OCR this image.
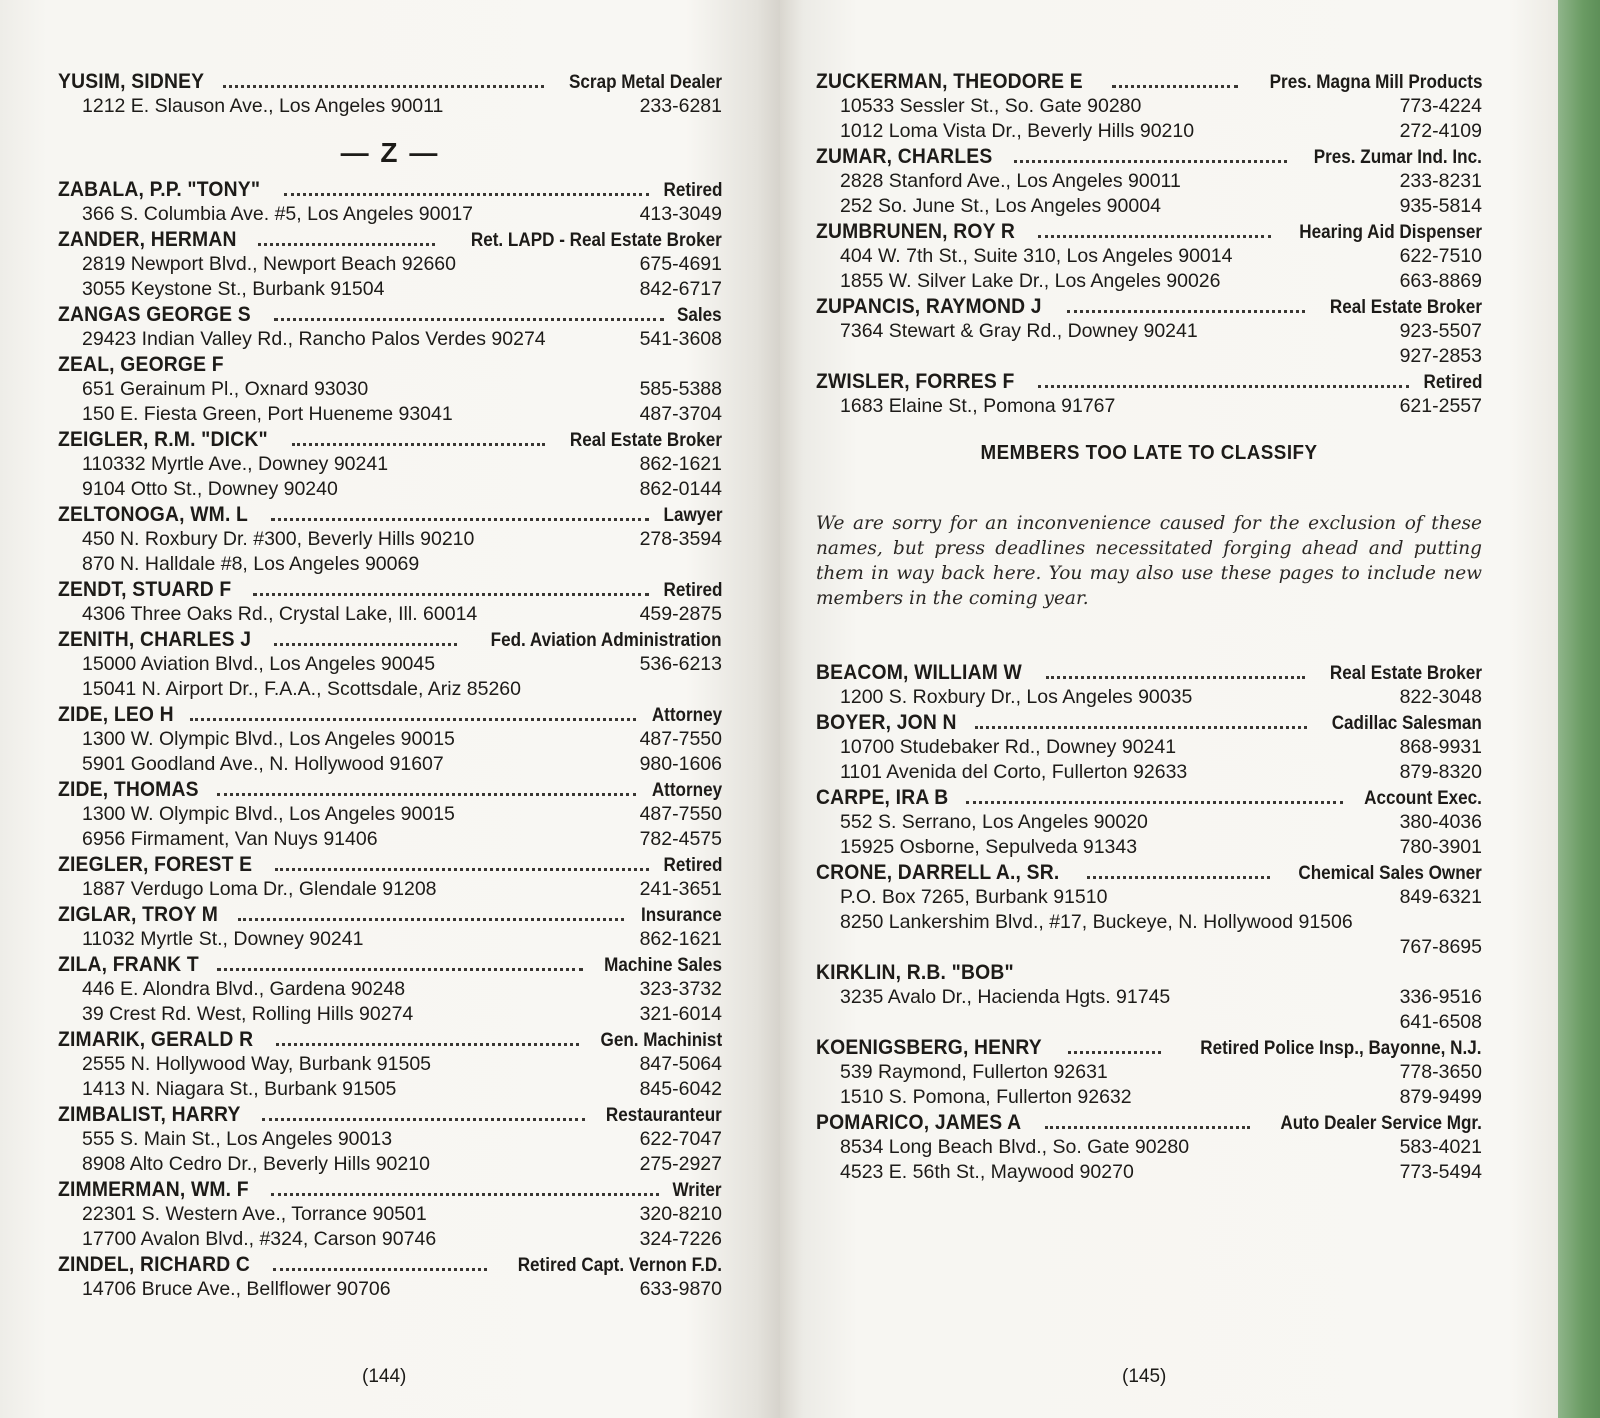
YUSIM, SIDNEY	Scrap Metal Dealer
1212 E. Slauson Ave., Los Angeles 90011	233-6281
— Z —
ZABALA, P.P. "TONY"	Retired
366 S. Columbia Ave. #5, Los Angeles 90017	413-3049
ZANDER, HERMAN	Ret. LAPD - Real Estate Broker
2819 Newport Blvd., Newport Beach 92660	675-4691
3055 Keystone St., Burbank 91504	842-6717
ZANGAS GEORGE S	Sales
29423 Indian Valley Rd., Rancho Palos Verdes 90274	541-3608
ZEAL, GEORGE F
651 Gerainum Pl., Oxnard 93030	585-5388
150 E. Fiesta Green, Port Hueneme 93041	487-3704
ZEIGLER, R.M. "DICK"	Real Estate Broker
110332 Myrtle Ave., Downey 90241	862-1621
9104 Otto St., Downey 90240	862-0144
ZELTONOGA, WM. L	Lawyer
450 N. Roxbury Dr. #300, Beverly Hills 90210	278-3594
870 N. Halldale #8, Los Angeles 90069
ZENDT, STUARD F	Retired
4306 Three Oaks Rd., Crystal Lake, Ill. 60014	459-2875
ZENITH, CHARLES J	Fed. Aviation Administration
15000 Aviation Blvd., Los Angeles 90045	536-6213
15041 N. Airport Dr., F.A.A., Scottsdale, Ariz 85260
ZIDE, LEO H	Attorney
1300 W. Olympic Blvd., Los Angeles 90015	487-7550
5901 Goodland Ave., N. Hollywood 91607	980-1606
ZIDE, THOMAS	Attorney
1300 W. Olympic Blvd., Los Angeles 90015	487-7550
6956 Firmament, Van Nuys 91406	782-4575
ZIEGLER, FOREST E	Retired
1887 Verdugo Loma Dr., Glendale 91208	241-3651
ZIGLAR, TROY M	Insurance
11032 Myrtle St., Downey 90241	862-1621
ZILA, FRANK T	Machine Sales
446 E. Alondra Blvd., Gardena 90248	323-3732
39 Crest Rd. West, Rolling Hills 90274	321-6014
ZIMARIK, GERALD R	Gen. Machinist
2555 N. Hollywood Way, Burbank 91505	847-5064
1413 N. Niagara St., Burbank 91505	845-6042
ZIMBALIST, HARRY	Restauranteur
555 S. Main St., Los Angeles 90013	622-7047
8908 Alto Cedro Dr., Beverly Hills 90210	275-2927
ZIMMERMAN, WM. F	Writer
22301 S. Western Ave., Torrance 90501	320-8210
17700 Avalon Blvd., #324, Carson 90746	324-7226
ZINDEL, RICHARD C	Retired Capt. Vernon F.D.
14706 Bruce Ave., Bellflower 90706	633-9870
(144)
ZUCKERMAN, THEODORE E	Pres. Magna Mill Products
10533 Sessler St., So. Gate 90280	773-4224
1012 Loma Vista Dr., Beverly Hills 90210	272-4109
ZUMAR, CHARLES	Pres. Zumar Ind. Inc.
2828 Stanford Ave., Los Angeles 90011	233-8231
252 So. June St., Los Angeles 90004	935-5814
ZUMBRUNEN, ROY R	Hearing Aid Dispenser
404 W. 7th St., Suite 310, Los Angeles 90014	622-7510
1855 W. Silver Lake Dr., Los Angeles 90026	663-8869
ZUPANCIS, RAYMOND J	Real Estate Broker
7364 Stewart & Gray Rd., Downey 90241	923-5507
927-2853
ZWISLER, FORRES F	Retired
1683 Elaine St., Pomona 91767	621-2557
MEMBERS TOO LATE TO CLASSIFY

We are sorry for an inconvenience caused for the exclusion of these names, but press deadlines necessitated forging ahead and putting them in way back here. You may also use these pages to include new members in the coming year.

BEACOM, WILLIAM W	Real Estate Broker
1200 S. Roxbury Dr., Los Angeles 90035	822-3048
BOYER, JON N	Cadillac Salesman
10700 Studebaker Rd., Downey 90241	868-9931
1101 Avenida del Corto, Fullerton 92633	879-8320
CARPE, IRA B	Account Exec.
552 S. Serrano, Los Angeles 90020	380-4036
15925 Osborne, Sepulveda 91343	780-3901
CRONE, DARRELL A., SR.	Chemical Sales Owner
P.O. Box 7265, Burbank 91510	849-6321
8250 Lankershim Blvd., #17, Buckeye, N. Hollywood 91506
767-8695
KIRKLIN, R.B. "BOB"
3235 Avalo Dr., Hacienda Hgts. 91745	336-9516
641-6508
KOENIGSBERG, HENRY	Retired Police Insp., Bayonne, N.J.
539 Raymond, Fullerton 92631	778-3650
1510 S. Pomona, Fullerton 92632	879-9499
POMARICO, JAMES A	Auto Dealer Service Mgr.
8534 Long Beach Blvd., So. Gate 90280	583-4021
4523 E. 56th St., Maywood 90270	773-5494
(145)
